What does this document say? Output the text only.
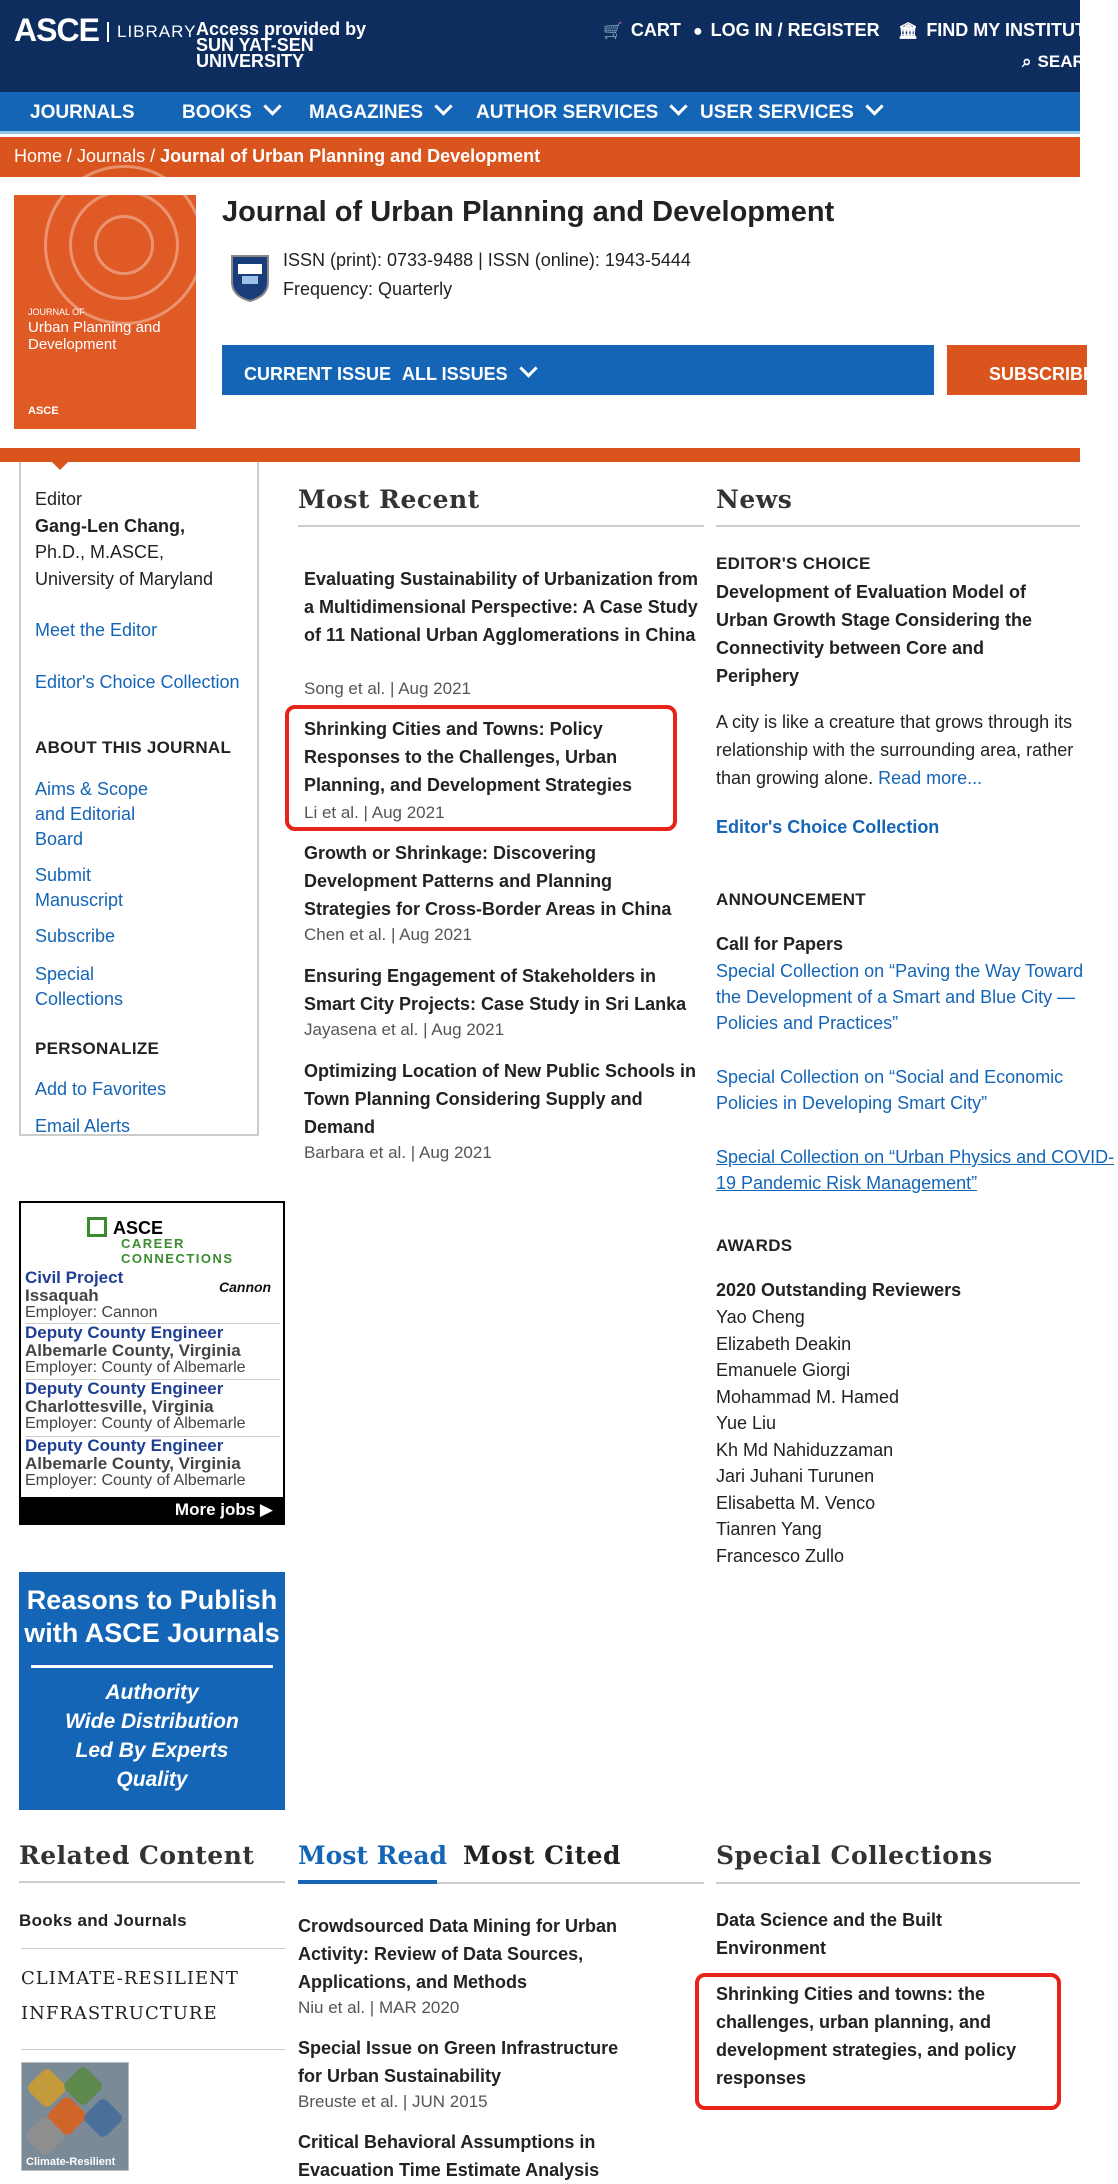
ASCE	LIBRARY Access provided by
SUN YAT-SEN UNIVERSITY
🛒 CART ● LOG IN / REGISTER 🏛 FIND MY INSTITUTION
⌕ SEARCH
JOURNALS BOOKS	MAGAZINES	AUTHOR SERVICES	USER SERVICES
Home / Journals / Journal of Urban Planning and Development
JOURNAL OF
Urban Planning and Development
ASCE
Journal of Urban Planning and Development
ISSN (print): 0733-9488 | ISSN (online): 1943-5444
Frequency: Quarterly
CURRENT ISSUE ALL ISSUES	SUBSCRIBE
Editor
Gang-Len Chang,
Ph.D., M.ASCE,
University of Maryland
Meet the Editor
Editor's Choice Collection
ABOUT THIS JOURNAL
Aims & Scope
and Editorial
Board
Submit
Manuscript
Subscribe
Special
Collections
PERSONALIZE
Add to Favorites
Email Alerts
ASCE
CAREER CONNECTIONS
Civil Project
Issaquah
Employer: Cannon
Cannon
Deputy County Engineer
Albemarle County, Virginia
Employer: County of Albemarle
Deputy County Engineer
Charlottesville, Virginia
Employer: County of Albemarle
Deputy County Engineer
Albemarle County, Virginia
Employer: County of Albemarle
More jobs ▶
Reasons to Publish
with ASCE Journals
Authority
Wide Distribution
Led By Experts
Quality
Most Recent
Evaluating Sustainability of Urbanization from a Multidimensional Perspective: A Case Study of 11 National Urban Agglomerations in China
Song et al. | Aug 2021
Shrinking Cities and Towns: Policy Responses to the Challenges, Urban Planning, and Development Strategies
Li et al. | Aug 2021
Growth or Shrinkage: Discovering Development Patterns and Planning Strategies for Cross-Border Areas in China
Chen et al. | Aug 2021
Ensuring Engagement of Stakeholders in Smart City Projects: Case Study in Sri Lanka
Jayasena et al. | Aug 2021
Optimizing Location of New Public Schools in Town Planning Considering Supply and Demand
Barbara et al. | Aug 2021
News
EDITOR'S CHOICE
Development of Evaluation Model of Urban Growth Stage Considering the Connectivity between Core and Periphery
A city is like a creature that grows through its relationship with the surrounding area, rather than growing alone. Read more...
Editor's Choice Collection
ANNOUNCEMENT
Call for Papers
Special Collection on “Paving the Way Toward
the Development of a Smart and Blue City —
Policies and Practices”
Special Collection on “Social and Economic
Policies in Developing Smart City”
Special Collection on “Urban Physics and COVID-
19 Pandemic Risk Management”
AWARDS
2020 Outstanding Reviewers
Yao Cheng
Elizabeth Deakin
Emanuele Giorgi
Mohammad M. Hamed
Yue Liu
Kh Md Nahiduzzaman
Jari Juhani Turunen
Elisabetta M. Venco
Tianren Yang
Francesco Zullo
Related Content
Books and Journals
CLIMATE-RESILIENT
INFRASTRUCTURE
Climate-Resilient
Most Read Most Cited
Crowdsourced Data Mining for Urban Activity: Review of Data Sources, Applications, and Methods
Niu et al. | MAR 2020
Special Issue on Green Infrastructure for Urban Sustainability
Breuste et al. | JUN 2015
Critical Behavioral Assumptions in Evacuation Time Estimate Analysis
Special Collections
Data Science and the Built Environment
Shrinking Cities and towns: the challenges, urban planning, and development strategies, and policy responses
